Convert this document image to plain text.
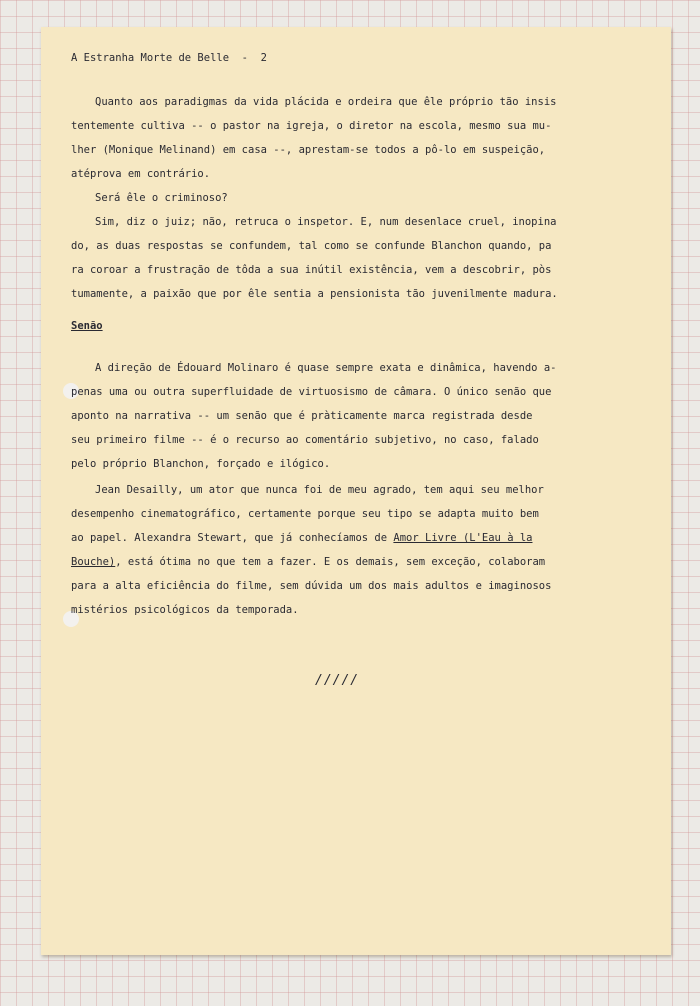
A Estranha Morte de Belle  -  2
Quanto aos paradigmas da vida plácida e ordeira que êle próprio tão insis
tentemente cultiva -- o pastor na igreja, o diretor na escola, mesmo sua mu-
lher (Monique Melinand) em casa --, aprestam-se todos a pô-lo em suspeição,
atéprova em contrário.
Será êle o criminoso?
Sim, diz o juiz; não, retruca o inspetor. E, num desenlace cruel, inopina
do, as duas respostas se confundem, tal como se confunde Blanchon quando, pa
ra coroar a frustração de tôda a sua inútil existência, vem a descobrir, pòs
tumamente, a paixão que por êle sentia a pensionista tão juvenilmente madura.
Senão
A direção de Édouard Molinaro é quase sempre exata e dinâmica, havendo a-
penas uma ou outra superfluidade de virtuosismo de câmara. O único senão que
aponto na narrativa -- um senão que é pràticamente marca registrada desde
seu primeiro filme -- é o recurso ao comentário subjetivo, no caso, falado
pelo próprio Blanchon, forçado e ilógico.
Jean Desailly, um ator que nunca foi de meu agrado, tem aqui seu melhor
desempenho cinematográfico, certamente porque seu tipo se adapta muito bem
ao papel. Alexandra Stewart, que já conhecíamos de Amor Livre (L'Eau à la
Bouche), está ótima no que tem a fazer. E os demais, sem exceção, colaboram
para a alta eficiência do filme, sem dúvida um dos mais adultos e imaginosos
mistérios psicológicos da temporada.
/////
